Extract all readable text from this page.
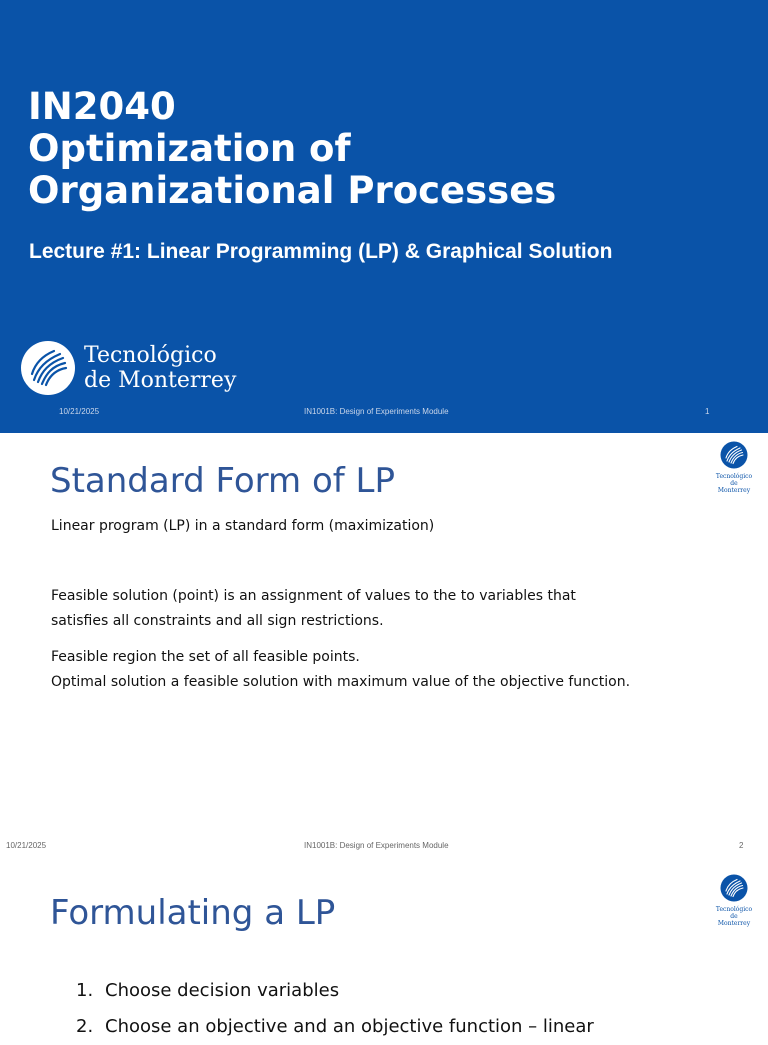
IN2040
Optimization of
Organizational Processes
Lecture #1: Linear Programming (LP) & Graphical Solution
Tecnológico
de Monterrey
10/21/2025	IN1001B: Design of Experiments Module	1
Standard Form of LP	Tecnológico
de Monterrey
Linear program (LP) in a standard form (maximization)
Feasible solution (point) is an assignment of values to the to variables that satisfies all constraints and all sign restrictions.
Feasible region the set of all feasible points.
Optimal solution a feasible solution with maximum value of the objective function.
10/21/2025	IN1001B: Design of Experiments Module	2
Formulating a LP	Tecnológico
de Monterrey
1. Choose decision variables
2. Choose an objective and an objective function – linear
